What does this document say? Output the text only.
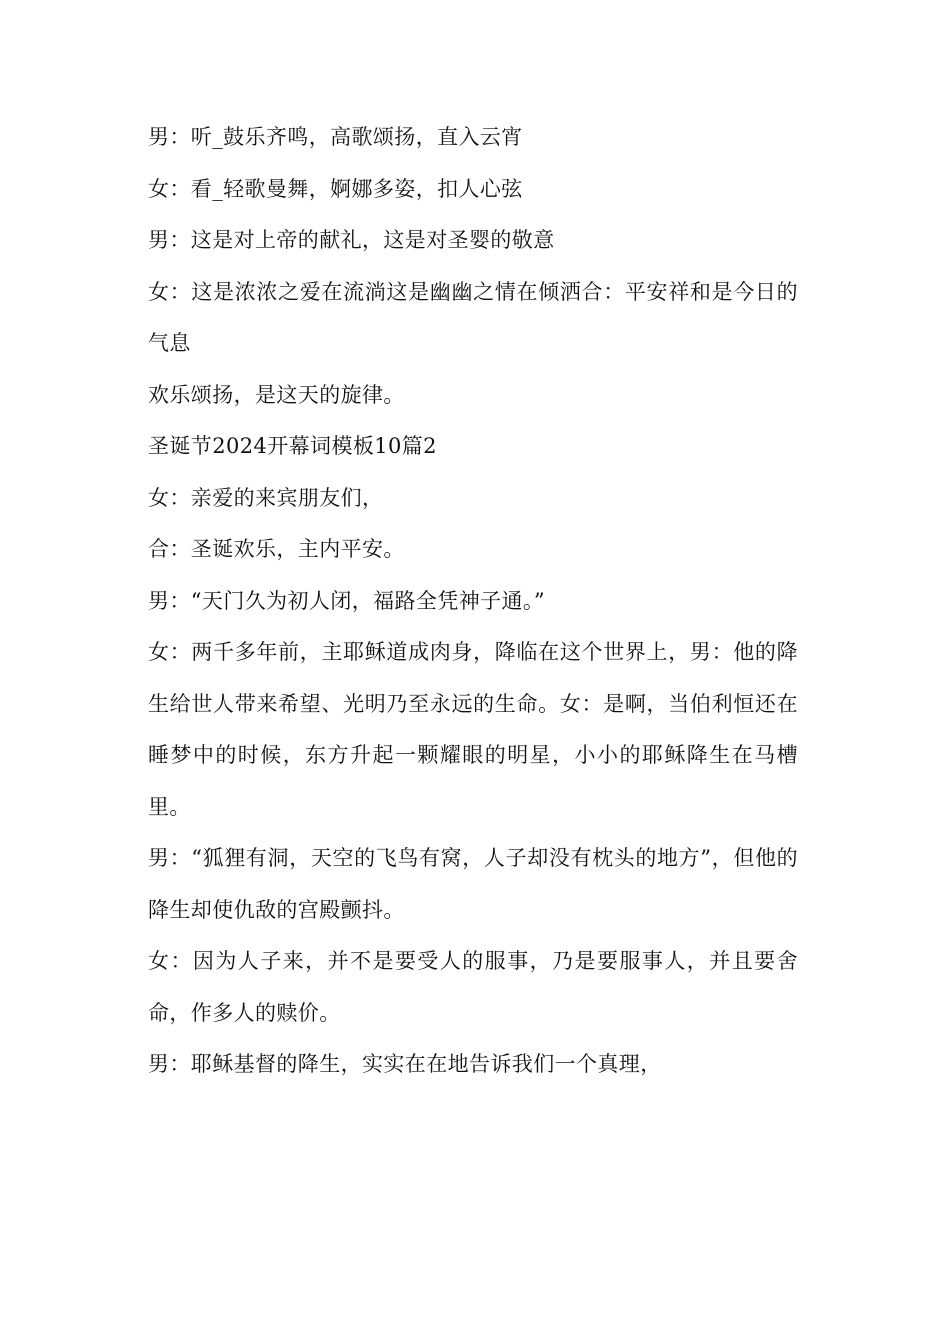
男：听_鼓乐齐鸣，高歌颂扬，直入云宵

女：看_轻歌曼舞，婀娜多姿，扣人心弦

男：这是对上帝的献礼，这是对圣婴的敬意

女：这是浓浓之爱在流淌这是幽幽之情在倾洒合：平安祥和是今日的气息

欢乐颂扬，是这天的旋律。

圣诞节2024开幕词模板10篇2

女：亲爱的来宾朋友们，

合：圣诞欢乐，主内平安。

男：“天门久为初人闭，福路全凭神子通。”

女：两千多年前，主耶稣道成肉身，降临在这个世界上，男：他的降生给世人带来希望、光明乃至永远的生命。女：是啊，当伯利恒还在睡梦中的时候，东方升起一颗耀眼的明星，小小的耶稣降生在马槽里。

男：“狐狸有洞，天空的飞鸟有窝，人子却没有枕头的地方”，但他的降生却使仇敌的宫殿颤抖。

女：因为人子来，并不是要受人的服事，乃是要服事人，并且要舍命，作多人的赎价。

男：耶稣基督的降生，实实在在地告诉我们一个真理，
